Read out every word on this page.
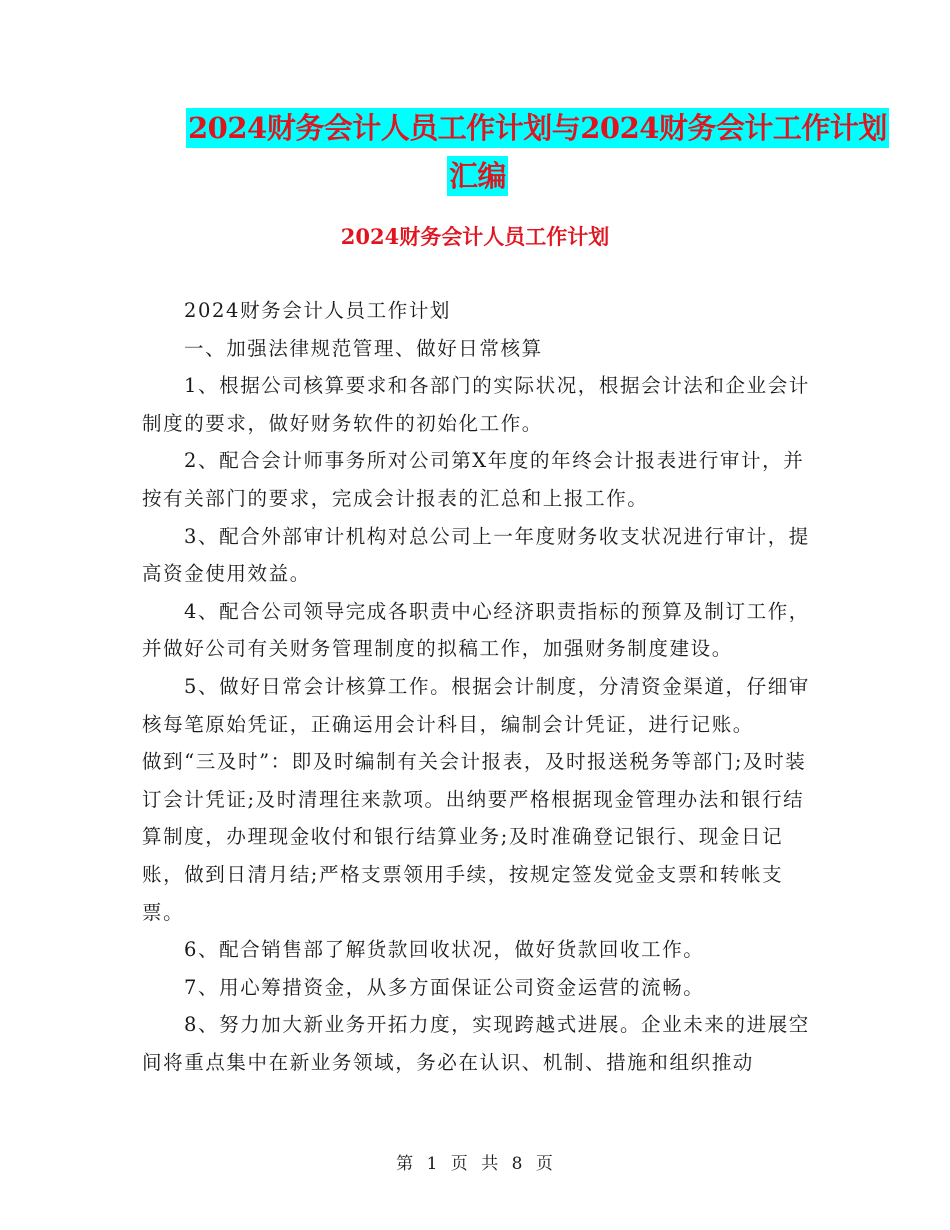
2024财务会计人员工作计划与2024财务会计工作计划
汇编
2024财务会计人员工作计划

2024财务会计人员工作计划

一、加强法律规范管理、做好日常核算

1、根据公司核算要求和各部门的实际状况，根据会计法和企业会计制度的要求，做好财务软件的初始化工作。

2、配合会计师事务所对公司第X年度的年终会计报表进行审计，并按有关部门的要求，完成会计报表的汇总和上报工作。

3、配合外部审计机构对总公司上一年度财务收支状况进行审计，提高资金使用效益。

4、配合公司领导完成各职责中心经济职责指标的预算及制订工作，并做好公司有关财务管理制度的拟稿工作，加强财务制度建设。

5、做好日常会计核算工作。根据会计制度，分清资金渠道，仔细审核每笔原始凭证，正确运用会计科目，编制会计凭证，进行记账。

做到“三及时”：即及时编制有关会计报表，及时报送税务等部门;及时装订会计凭证;及时清理往来款项。出纳要严格根据现金管理办法和银行结算制度，办理现金收付和银行结算业务;及时准确登记银行、现金日记账，做到日清月结;严格支票领用手续，按规定签发觉金支票和转帐支票。

6、配合销售部了解货款回收状况，做好货款回收工作。

7、用心筹措资金，从多方面保证公司资金运营的流畅。

8、努力加大新业务开拓力度，实现跨越式进展。企业未来的进展空间将重点集中在新业务领域，务必在认识、机制、措施和组织推动

第 1 页 共 8 页
